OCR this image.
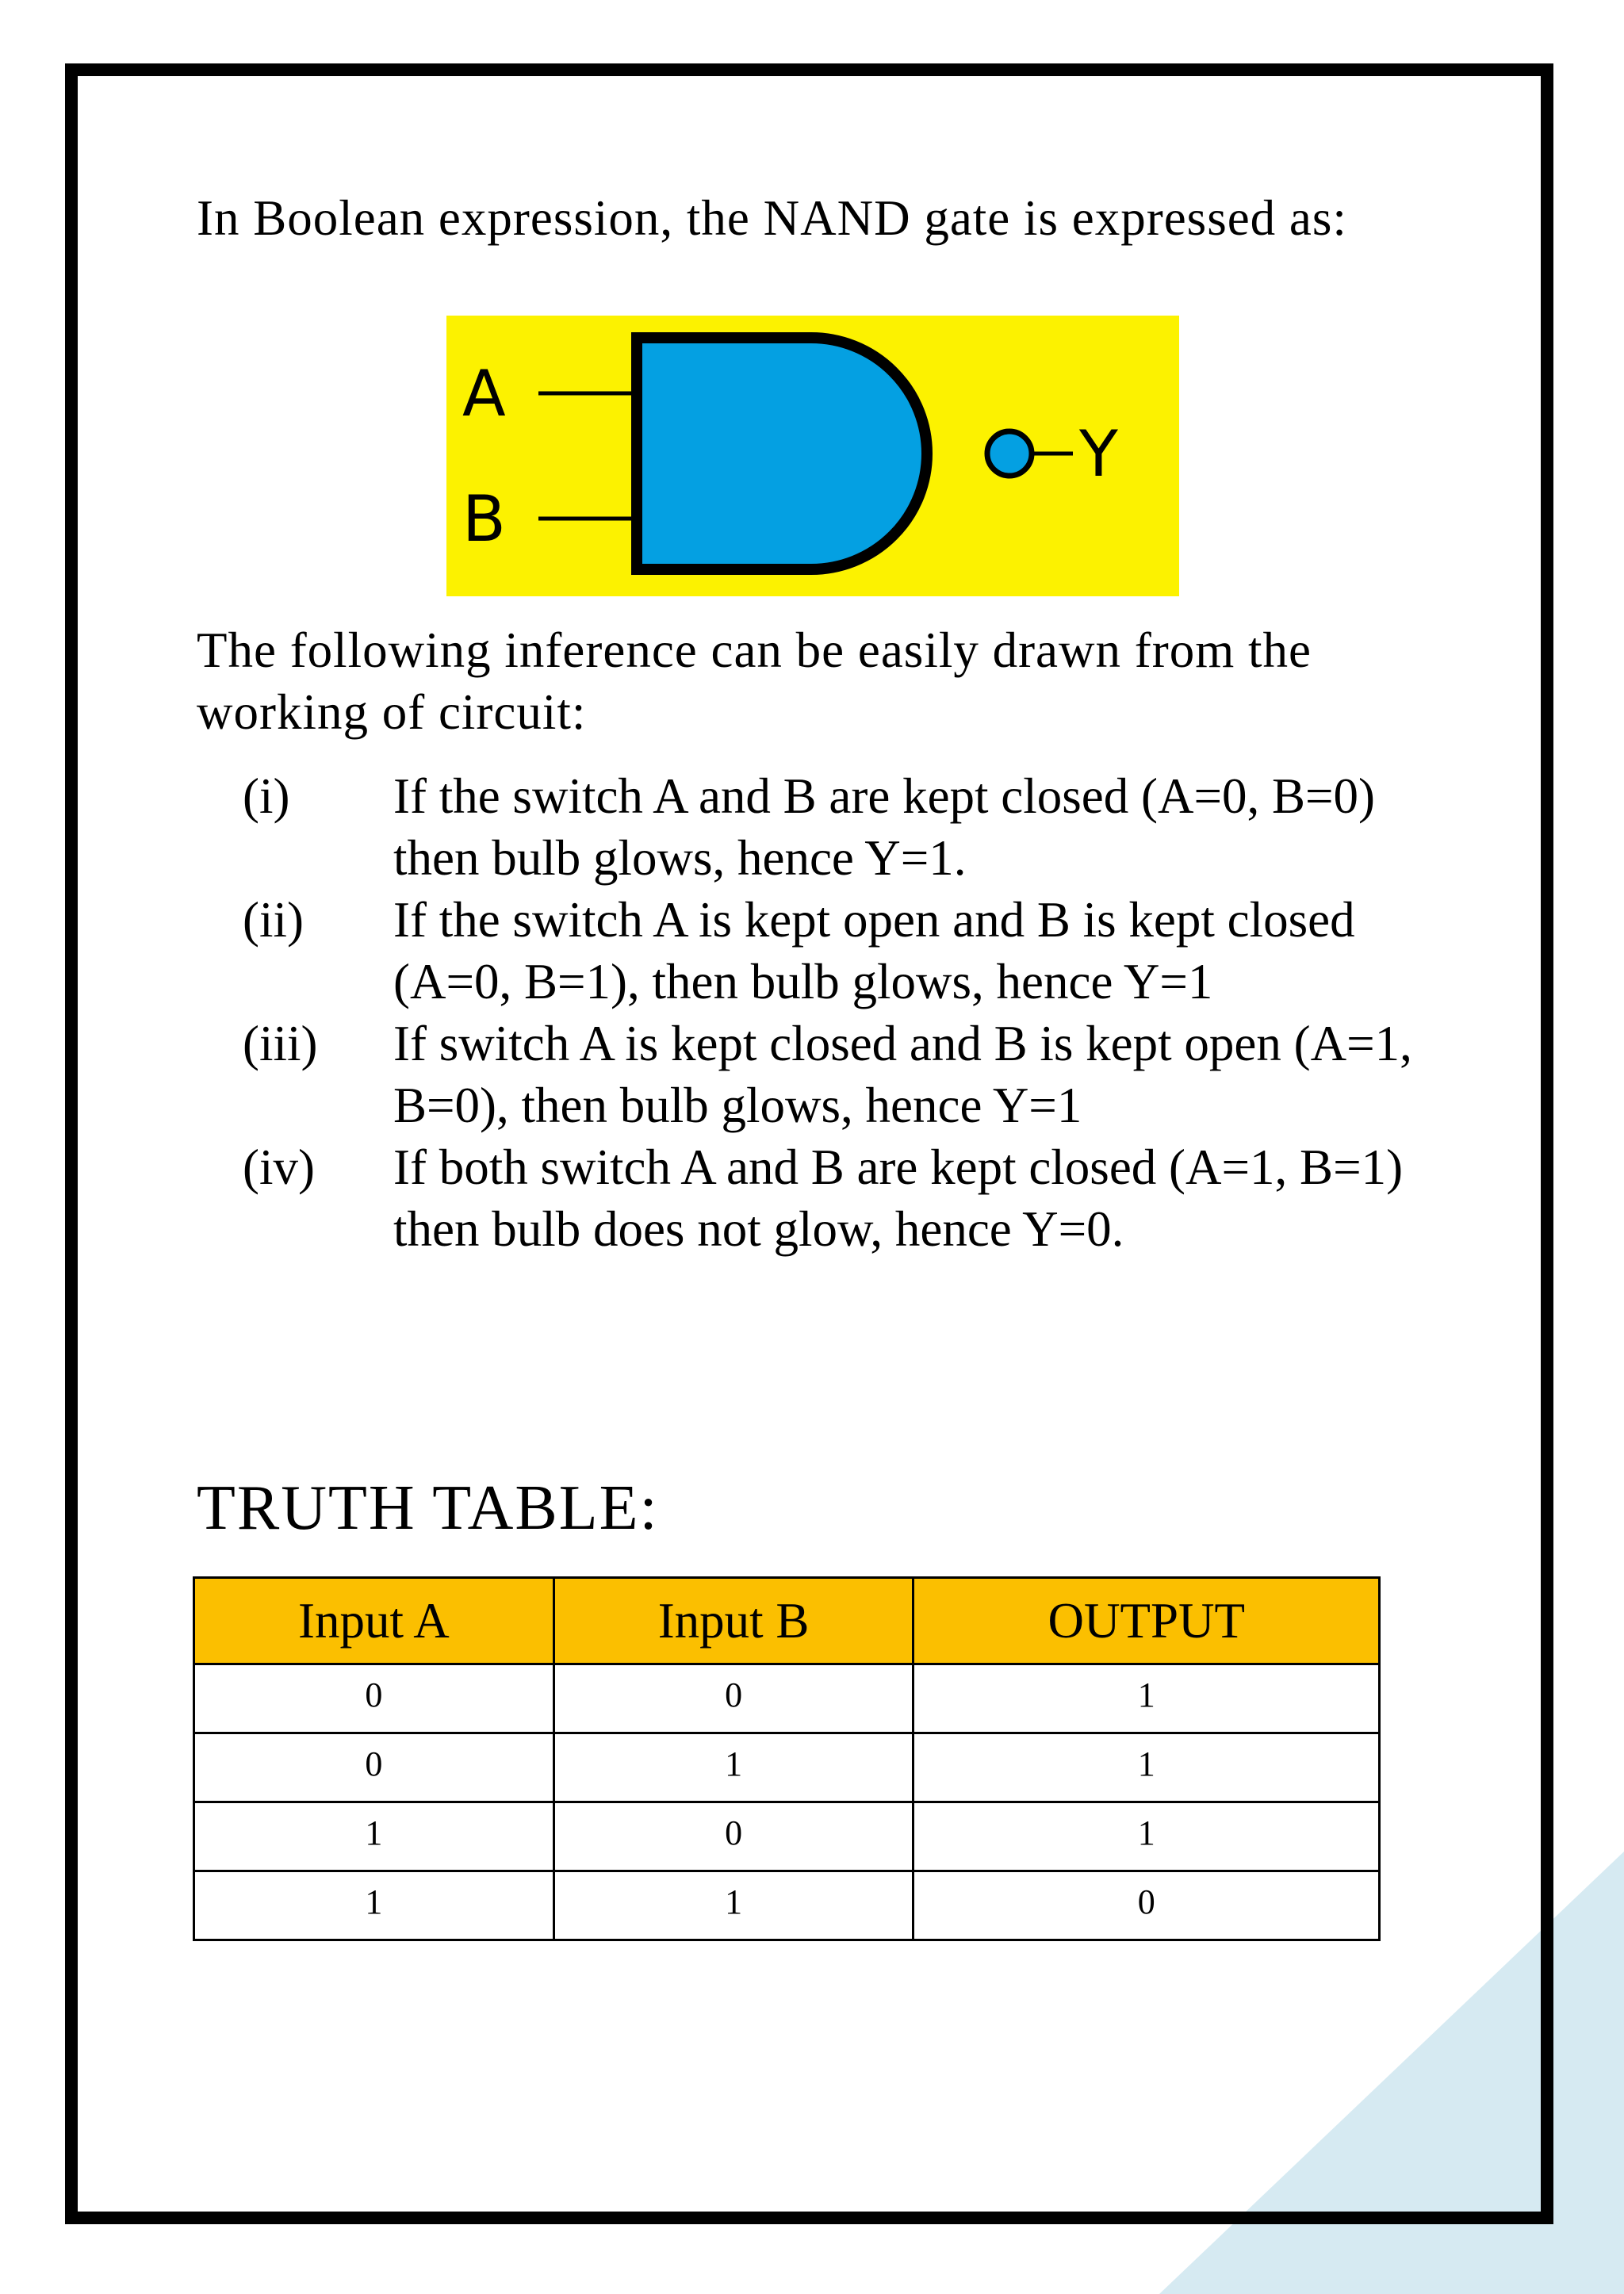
In Boolean expression, the NAND gate is expressed as:

A
B
Y

The following inference can be easily drawn from the working of circuit:

(i)	If the switch A and B are kept closed (A=0, B=0) then bulb glows, hence Y=1.
(ii)	If the switch A is kept open and B is kept closed (A=0, B=1), then bulb glows, hence Y=1
(iii)	If switch A is kept closed and B is kept open (A=1, B=0), then bulb glows, hence Y=1
(iv)	If both switch A and B are kept closed (A=1, B=1) then bulb does not glow, hence Y=0.
TRUTH TABLE:
Input A	Input B	OUTPUT
0	0	1
0	1	1
1	0	1
1	1	0
